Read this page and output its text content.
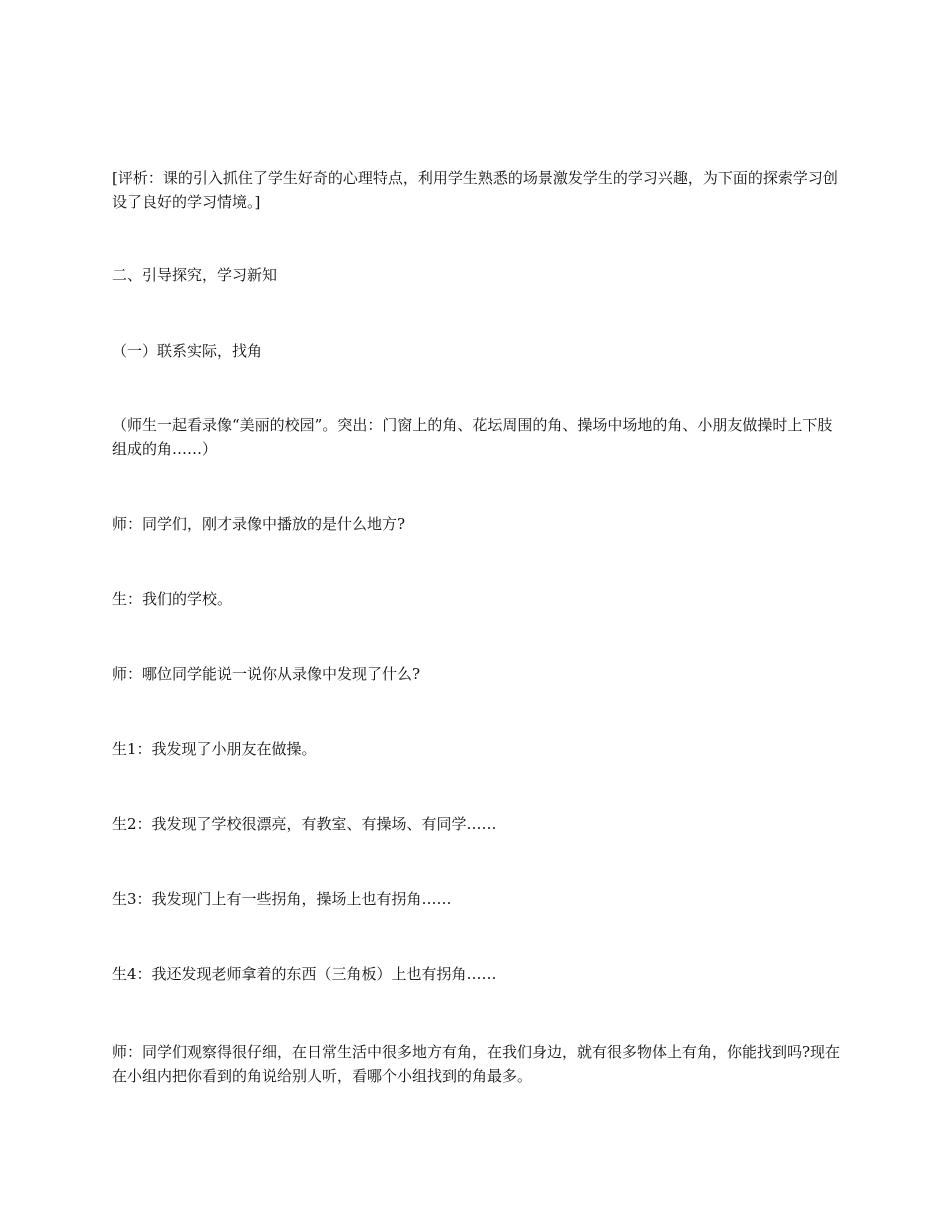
[评析：课的引入抓住了学生好奇的心理特点，利用学生熟悉的场景激发学生的学习兴趣，为下面的探索学习创设了良好的学习情境。]

二、引导探究，学习新知

（一）联系实际，找角

（师生一起看录像“美丽的校园”。突出：门窗上的角、花坛周围的角、操场中场地的角、小朋友做操时上下肢组成的角……）

师：同学们，刚才录像中播放的是什么地方?

生：我们的学校。

师：哪位同学能说一说你从录像中发现了什么?

生1：我发现了小朋友在做操。

生2：我发现了学校很漂亮，有教室、有操场、有同学……

生3：我发现门上有一些拐角，操场上也有拐角……

生4：我还发现老师拿着的东西（三角板）上也有拐角……

师：同学们观察得很仔细，在日常生活中很多地方有角，在我们身边，就有很多物体上有角，你能找到吗?现在在小组内把你看到的角说给别人听，看哪个小组找到的角最多。
